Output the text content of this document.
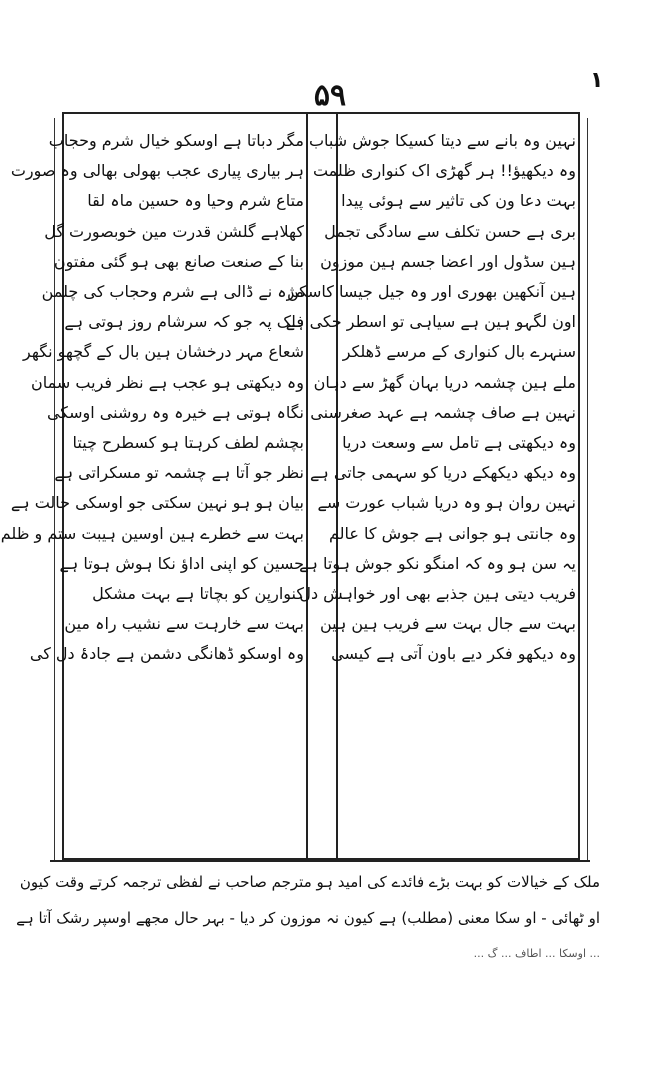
۵۹	١

نہین وہ بانے سے دیتا کسیکا جوش شباب

وہ دیکھیؤ!! ہر گھڑی اک کنواری ظلمت

بہت دعا ون کی تاثیر سے ہوئی پیدا

بری ہے حسن تکلف سے سادگی تجمل

ہین سڈول اور اعضا جسم ہین موزون

ہین آنکھین بھوری اور وہ جیل جیسا کاسکن

اون لگہو ہین ہے سیاہی تو اسطر حکی ہے

سنہرے بال کنواری کے مرسے ڈھلکر

ملے ہین چشمہ دریا بہان گھڑ سے دہان

نہین ہے صاف چشمہ ہے عہد صغرسنی

وہ دیکھتی ہے تامل سے وسعت دریا

وہ دیکھ دیکھکے دریا کو سہمی جاتی ہے

نہین روان ہو وہ دریا شباب عورت سے

وہ جانتی ہو جوانی ہے جوش کا عالم

یہ سن ہو وہ کہ امنگو نکو جوش ہوتا ہے

فریب دیتی ہین جذبے بھی اور خواہش دل

بہت سے جال بہت سے فریب ہین ہین

وہ دیکھو فکر دیے باون آتی ہے کیسی

مگر دباتا ہے اوسکو خیال شرم وحجاب

ہر بیاری پیاری عجب بھولی بھالی وہ صورت

متاع شرم وحیا وہ حسین ماہ لقا

کھلاہے گلشن قدرت مین خوبصورت گل

بنا کے صنعت صانع بھی ہو گئی مفتون

مژہ نے ڈالی ہے شرم وحجاب کی چلمن

فلک پہ جو کہ سرشام روز ہوتی ہے

شعاع مہر درخشان ہین بال کے گچھو نگھر

وہ دیکھتی ہو عجب ہے نظر فریب سمان

نگاہ ہوتی ہے خیرہ وہ روشنی اوسکی

بچشم لطف کرہتا ہو کسطرح چیتا

نظر جو آتا ہے چشمہ تو مسکراتی ہے

بیان ہو ہو نہین سکتی جو اوسکی حالت ہے

بہت سے خطرے ہین اوسین ہیبت ستم و ظلم

حسین کو اپنی اداؤ نکا ہوش ہوتا ہے

کنوارپن کو بچاتا ہے بہت مشکل

بہت سے خارہت سے نشیب راہ مین

وہ اوسکو ڈھانگی دشمن ہے جادۂ دل کی

ملک کے خیالات کو بہت بڑے فائدے کی امید ہو مترجم صاحب نے لفظی ترجمہ کرتے وقت کیون

او ٹھائی - او سکا معنی (مطلب) ہے کیون نہ موزون کر دیا - بہر حال مجھے اوسپر رشک آتا ہے

... اوسکا ... اطاف ... گ ...
